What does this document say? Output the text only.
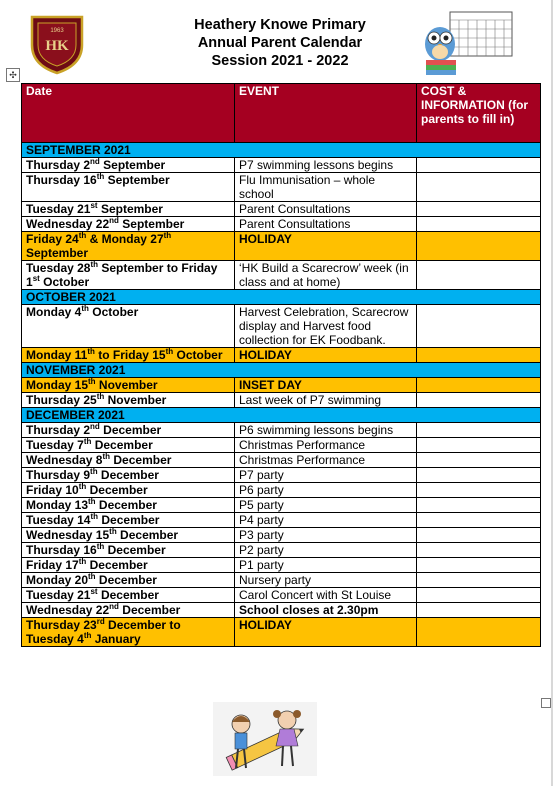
1963
HK
Heathery Knowe Primary
Annual Parent Calendar
Session 2021 - 2022
✣
Date	EVENT	COST & INFORMATION (for parents to fill in)
SEPTEMBER 2021		
Thursday 2nd September	P7 swimming lessons begins	
Thursday 16th September	Flu Immunisation – whole school	
Tuesday 21st September	Parent Consultations	
Wednesday 22nd September	Parent Consultations	
Friday 24th & Monday 27th September	HOLIDAY	
Tuesday 28th September to Friday 1st October	‘HK Build a Scarecrow’ week (in class and at home)	
OCTOBER 2021		
Monday 4th October	Harvest Celebration, Scarecrow display and Harvest food collection for EK Foodbank.	
Monday 11th to Friday 15th October	HOLIDAY	
NOVEMBER 2021		
Monday 15th November	INSET DAY	
Thursday 25th November	Last week of P7 swimming	
DECEMBER 2021		
Thursday 2nd December	P6 swimming lessons begins	
Tuesday 7th December	Christmas Performance	
Wednesday 8th December	Christmas Performance	
Thursday 9th December	P7 party	
Friday 10th December	P6 party	
Monday 13th December	P5 party	
Tuesday 14th December	P4 party	
Wednesday 15th December	P3 party	
Thursday 16th December	P2 party	
Friday 17th December	P1 party	
Monday 20th December	Nursery party	
Tuesday 21st December	Carol Concert with St Louise	
Wednesday 22nd December	School closes at 2.30pm	
Thursday 23rd December to Tuesday 4th January	HOLIDAY	
